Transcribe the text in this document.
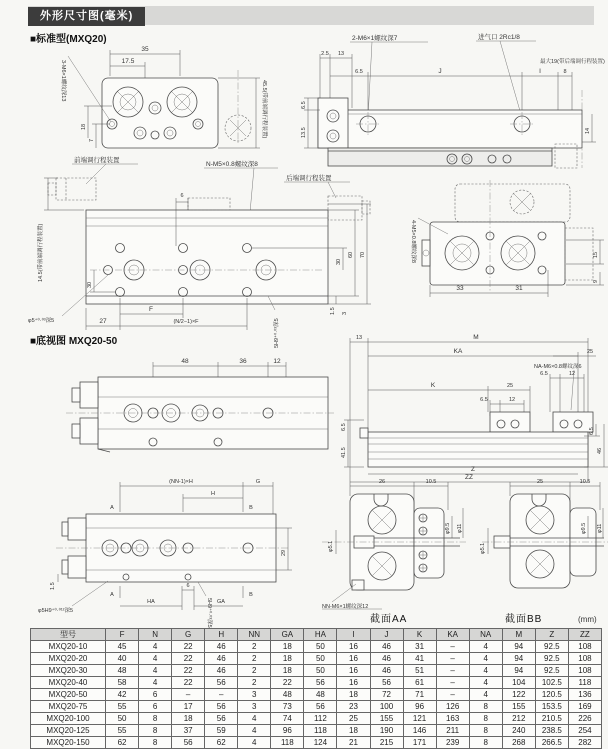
外形尺寸图(毫米)
■标准型(MXQ20)
35
17.5
45.5(带前端调行程装置)
3-M6×1螺纹深13
18
7
2-M6×1螺纹深7	进气口 2Rc1/8
2.5 13
6.5	J	I	8
最大19(带后端调行程装置)
6.5
13.5	14
前端调行程装置
N-M5×0.8螺纹深8
后端调行程装置
6
14.5(带前端调行程装置)
30
30
60 70
1.5 3
F
(N/2−1)×F
27
φ5⁺⁰·⁰³深5	5H9⁺⁰·⁰³深5
4-M5×0.8螺纹深8
33	31
15
9
■底视图 MXQ20-50
48	36	12
13	M
KA	25
NA-M6×0.8螺纹深6
6.5	12
K	25
6.5	12
6.5
41.5
6.5
46
Z
ZZ
(NN-1)×H	G
H
A	B
A
6
B
HA	GA
1.5
29
φ5H9⁺⁰·⁰¹²深5	5H9⁺⁰·⁰³深5
26	10.5
φ5.1
φ9.5 φ11
NN-M6×1螺纹深12
25	10.5
φ5.1
φ9.5 φ11
截面AA	截面BB	(mm)
型号	F	N	G	H	NN	GA	HA	I	J	K	KA	NA	M	Z	ZZ
MXQ20-10	45	4	22	46	2	18	50	16	46	31	–	4	94	92.5	108
MXQ20-20	40	4	22	46	2	18	50	16	46	41	–	4	94	92.5	108
MXQ20-30	48	4	22	46	2	18	50	16	46	51	–	4	94	92.5	108
MXQ20-40	58	4	22	56	2	22	56	16	56	61	–	4	104	102.5	118
MXQ20-50	42	6	–	–	3	48	48	18	72	71	–	4	122	120.5	136
MXQ20-75	55	6	17	56	3	73	56	23	100	96	126	8	155	153.5	169
MXQ20-100	50	8	18	56	4	74	112	25	155	121	163	8	212	210.5	226
MXQ20-125	55	8	37	59	4	96	118	18	190	146	211	8	240	238.5	254
MXQ20-150	62	8	56	62	4	118	124	21	215	171	239	8	268	266.5	282
